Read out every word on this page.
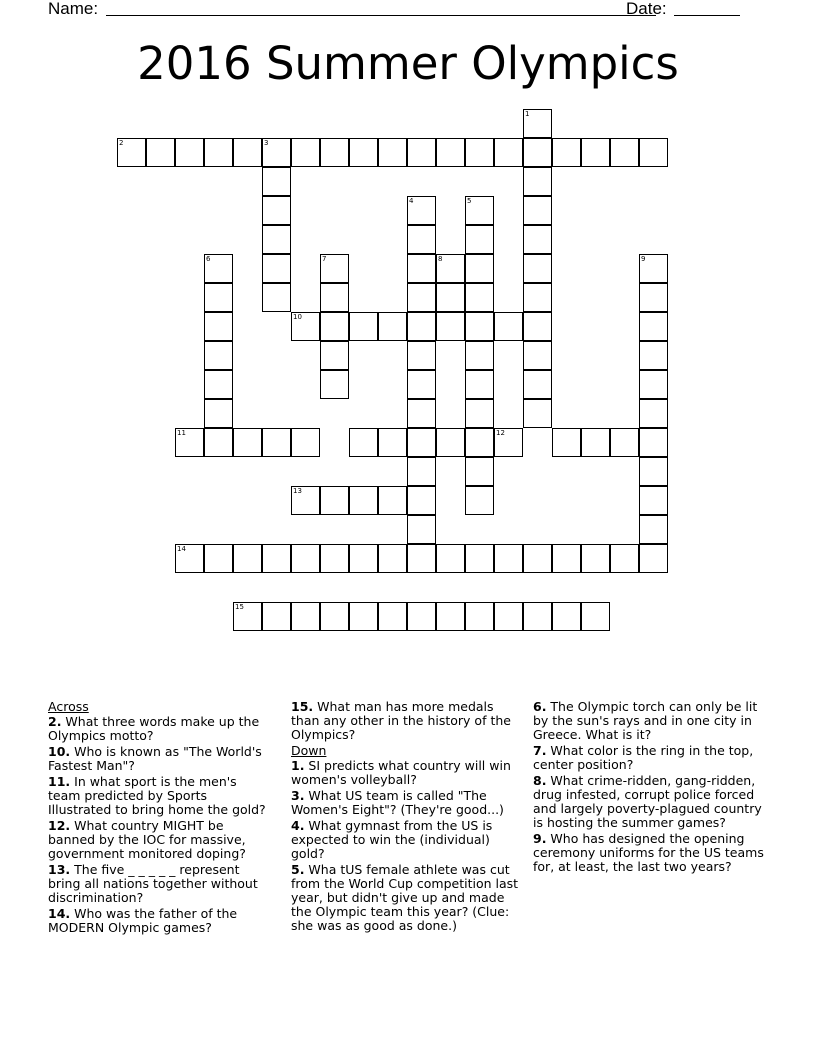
Name:	Date:
2016 Summer Olympics
1
2	3
4
6	7	8	9
10
11	12
13
14
15
5
Across
2. What three words make up the Olympics motto?
10. Who is known as "The World's Fastest Man"?
11. In what sport is the men's team predicted by Sports Illustrated to bring home the gold?
12. What country MIGHT be banned by the IOC for massive, government monitored doping?
13. The five _ _ _ _ _ represent bring all nations together without discrimination?
14. Who was the father of the MODERN Olympic games?
15. What man has more medals than any other in the history of the Olympics?
Down
1. SI predicts what country will win women's volleyball?
3. What US team is called "The Women's Eight"? (They're good...)
4. What gymnast from the US is expected to win the (individual) gold?
5. Wha tUS female athlete was cut from the World Cup competition last year, but didn't give up and made the Olympic team this year? (Clue: she was as good as done.)
6. The Olympic torch can only be lit by the sun's rays and in one city in Greece. What is it?
7. What color is the ring in the top, center position?
8. What crime-ridden, gang-ridden, drug infested, corrupt police forced and largely poverty-plagued country is hosting the summer games?
9. Who has designed the opening ceremony uniforms for the US teams for, at least, the last two years?
